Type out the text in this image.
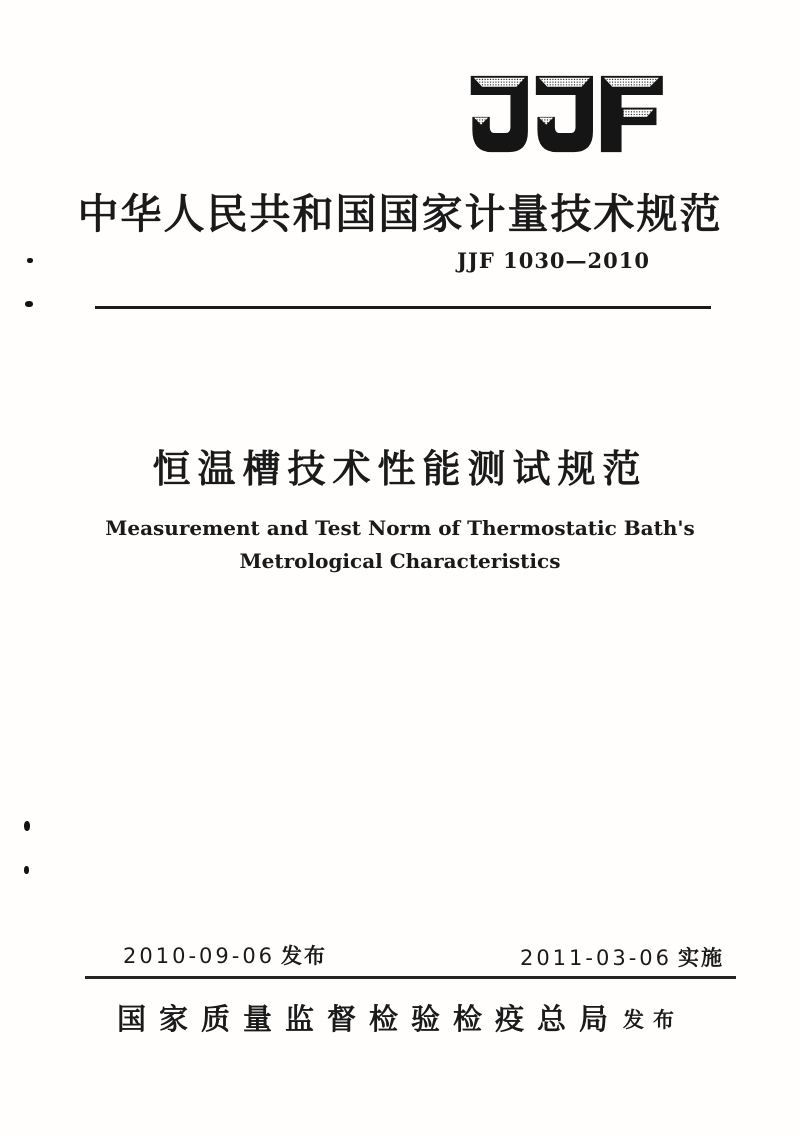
中华人民共和国国家计量技术规范
JJF 1030—2010
恒温槽技术性能测试规范
Measurement and Test Norm of Thermostatic Bath's
Metrological Characteristics
2010-09-06 发布	2011-03-06 实施
国家质量监督检验检疫总局发布
